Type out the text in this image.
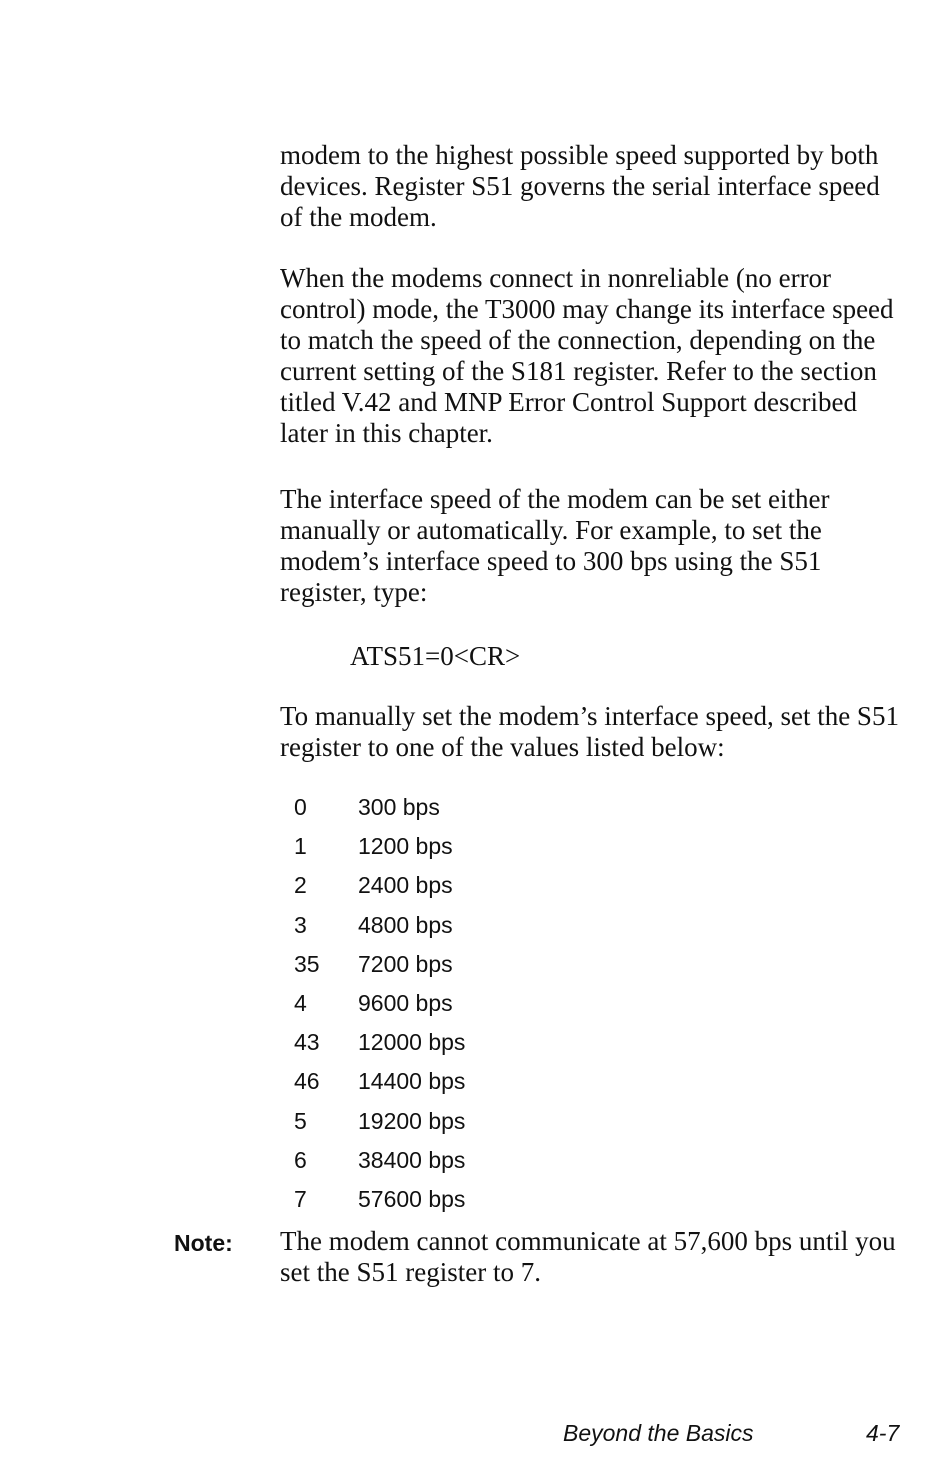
modem to the highest possible speed supported by both devices. Register S51 governs the serial interface speed of the modem.

When the modems connect in nonreliable (no error control) mode, the T3000 may change its interface speed to match the speed of the connection, depending on the current setting of the S181 register. Refer to the section titled V.42 and MNP Error Control Support described later in this chapter.

The interface speed of the modem can be set either manually or automatically. For example, to set the modem’s interface speed to 300 bps using the S51 register, type:

ATS51=0<CR>

To manually set the modem’s interface speed, set the S51 register to one of the values listed below:

0	300 bps
1	1200 bps
2	2400 bps
3	4800 bps
35	7200 bps
4	9600 bps
43	12000 bps
46	14400 bps
5	19200 bps
6	38400 bps
7	57600 bps
Note: The modem cannot communicate at 57,600 bps until you set the S51 register to 7.

Beyond the Basics	4-7
